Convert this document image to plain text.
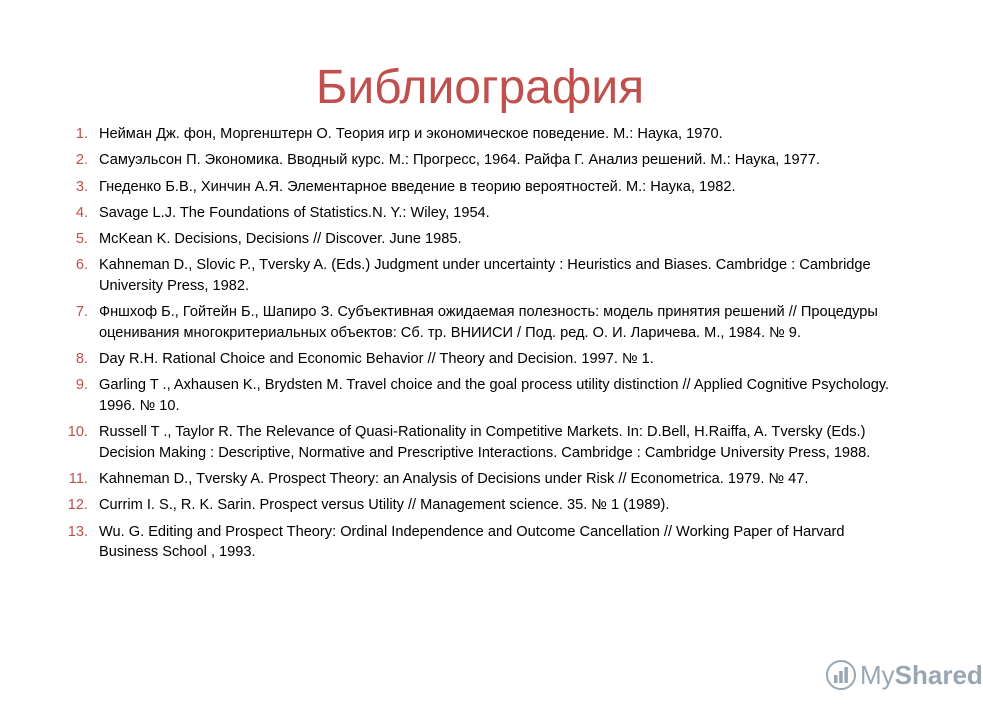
Библиография
1. Нейман Дж. фон, Моргенштерн О. Теория игр и экономическое поведение. М.: Наука, 1970.
2. Самуэльсон П. Экономика. Вводный курс. М.: Прогресс, 1964. Райфа Г. Анализ решений. М.: Наука, 1977.
3. Гнеденко Б.В., Хинчин А.Я. Элементарное введение в теорию вероятностей. М.: Наука, 1982.
4. Savage L.J. The Foundations of Statistics.N. Y.: Wiley, 1954.
5. McKean K. Decisions, Decisions // Discover. June 1985.
6. Kahneman D., Slovic P., Tversky A. (Eds.) Judgment under uncertainty : Heuristics and Biases. Cambridge : Cambridge University Press, 1982.
7. Фншхоф Б., Гойтейн Б., Шапиро З. Субъективная ожидаемая полезность: модель принятия решений // Процедуры оценивания многокритериальных объектов: Сб. тр. ВНИИСИ / Под. ред. О. И. Ларичева. М., 1984. № 9.
8. Day R.H. Rational Choice and Economic Behavior // Theory and Decision. 1997. № 1.
9. Garling T ., Axhausen K., Brydsten M. Travel choice and the goal process utility distinction // Applied Cognitive Psychology. 1996. № 10.
10. Russell T ., Taylor R. The Relevance of Quasi-Rationality in Competitive Markets. In: D.Bell, H.Raiffa, A. Tversky (Eds.) Decision Making : Descriptive, Normative and Prescriptive Interactions. Cambridge : Cambridge University Press, 1988.
11. Kahneman D., Tversky A. Prospect Theory: an Analysis of Decisions under Risk // Econometrica. 1979. № 47.
12. Currim I. S., R. K. Sarin. Prospect versus Utility // Management science. 35. № 1 (1989).
13. Wu. G. Editing and Prospect Theory: Ordinal Independence and Outcome Cancellation // Working Paper of Harvard Business School , 1993.
MyShared
